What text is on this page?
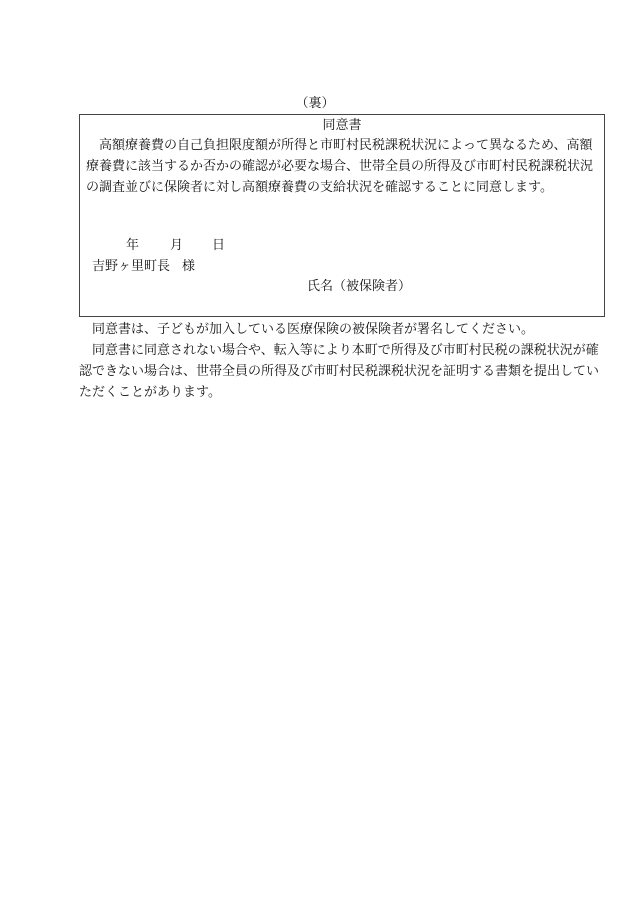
（裏）
同意書

高額療養費の自己負担限度額が所得と市町村民税課税状況によって異なるため、高額療養費に該当するか否かの確認が必要な場合、世帯全員の所得及び市町村民税課税状況の調査並びに保険者に対し高額療養費の支給状況を確認することに同意します。

年 月 日
吉野ヶ里町長 様
氏名（被保険者）

同意書は、子どもが加入している医療保険の被保険者が署名してください。

同意書に同意されない場合や、転入等により本町で所得及び市町村民税の課税状況が確認できない場合は、世帯全員の所得及び市町村民税課税状況を証明する書類を提出していただくことがあります。
